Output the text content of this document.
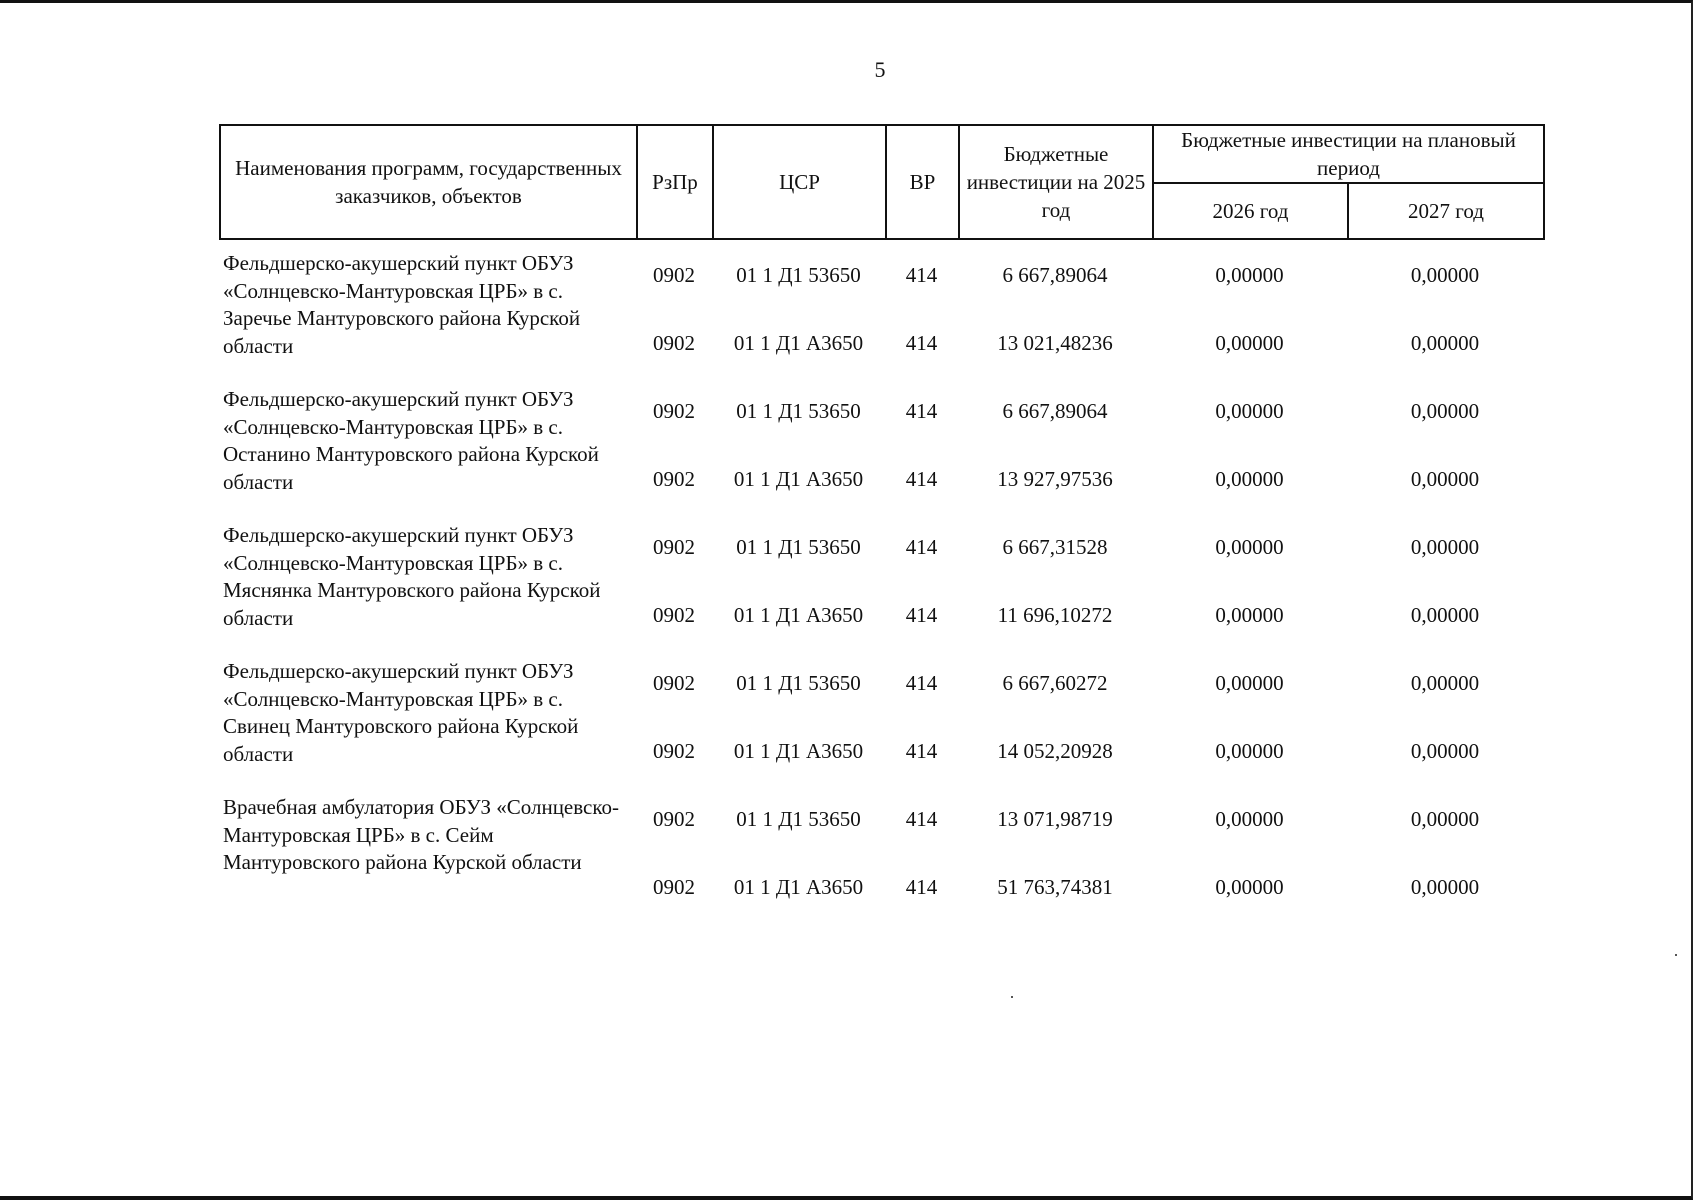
5
Наименования программ, государственных заказчиков, объектов	РзПр	ЦСР	ВР	Бюджетные инвестиции на 2025 год	Бюджетные инвестиции на плановый период	
					2026 год	2027 год
Фельдшерско-акушерский пункт ОБУЗ «Солнцевско-Мантуровская ЦРБ» в с. Заречье Мантуровского района Курской области	0902	01 1 Д1 53650	414	6 667,89064	0,00000	0,00000
	0902	01 1 Д1 А3650	414	13 021,48236	0,00000	0,00000
Фельдшерско-акушерский пункт ОБУЗ «Солнцевско-Мантуровская ЦРБ» в с. Останино Мантуровского района Курской области	0902	01 1 Д1 53650	414	6 667,89064	0,00000	0,00000
	0902	01 1 Д1 А3650	414	13 927,97536	0,00000	0,00000
Фельдшерско-акушерский пункт ОБУЗ «Солнцевско-Мантуровская ЦРБ» в с. Мяснянка Мантуровского района Курской области	0902	01 1 Д1 53650	414	6 667,31528	0,00000	0,00000
	0902	01 1 Д1 А3650	414	11 696,10272	0,00000	0,00000
Фельдшерско-акушерский пункт ОБУЗ «Солнцевско-Мантуровская ЦРБ» в с. Свинец Мантуровского района Курской области	0902	01 1 Д1 53650	414	6 667,60272	0,00000	0,00000
	0902	01 1 Д1 А3650	414	14 052,20928	0,00000	0,00000
Врачебная амбулатория ОБУЗ «Солнцевско-Мантуровская ЦРБ» в с. Сейм Мантуровского района Курской области	0902	01 1 Д1 53650	414	13 071,98719	0,00000	0,00000
	0902	01 1 Д1 А3650	414	51 763,74381	0,00000	0,00000
